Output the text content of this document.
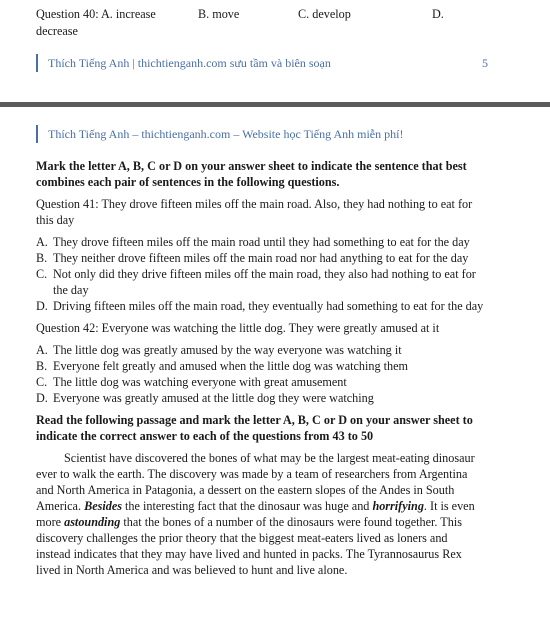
Question 40: A. increase	B. move	C. develop	D.
decrease
Thích Tiếng Anh | thichtienganh.com sưu tầm và biên soạn	5
Thích Tiếng Anh – thichtienganh.com – Website học Tiếng Anh miễn phí!

Mark the letter A, B, C or D on your answer sheet to indicate the sentence that best combines each pair of sentences in the following questions.

Question 41: They drove fifteen miles off the main road. Also, they had nothing to eat for this day

A. They drove fifteen miles off the main road until they had something to eat for the day
B. They neither drove fifteen miles off the main road nor had anything to eat for the day
C. Not only did they drive fifteen miles off the main road, they also had nothing to eat for the day
D. Driving fifteen miles off the main road, they eventually had something to eat for the day

Question 42: Everyone was watching the little dog. They were greatly amused at it

A. The little dog was greatly amused by the way everyone was watching it
B. Everyone felt greatly and amused when the little dog was watching them
C. The little dog was watching everyone with great amusement
D. Everyone was greatly amused at the little dog they were watching

Read the following passage and mark the letter A, B, C or D on your answer sheet to indicate the correct answer to each of the questions from 43 to 50

Scientist have discovered the bones of what may be the largest meat-eating dinosaur ever to walk the earth. The discovery was made by a team of researchers from Argentina and North America in Patagonia, a dessert on the eastern slopes of the Andes in South America. Besides the interesting fact that the dinosaur was huge and horrifying. It is even more astounding that the bones of a number of the dinosaurs were found together. This discovery challenges the prior theory that the biggest meat-eaters lived as loners and instead indicates that they may have lived and hunted in packs. The Tyrannosaurus Rex lived in North America and was believed to hunt and live alone.
